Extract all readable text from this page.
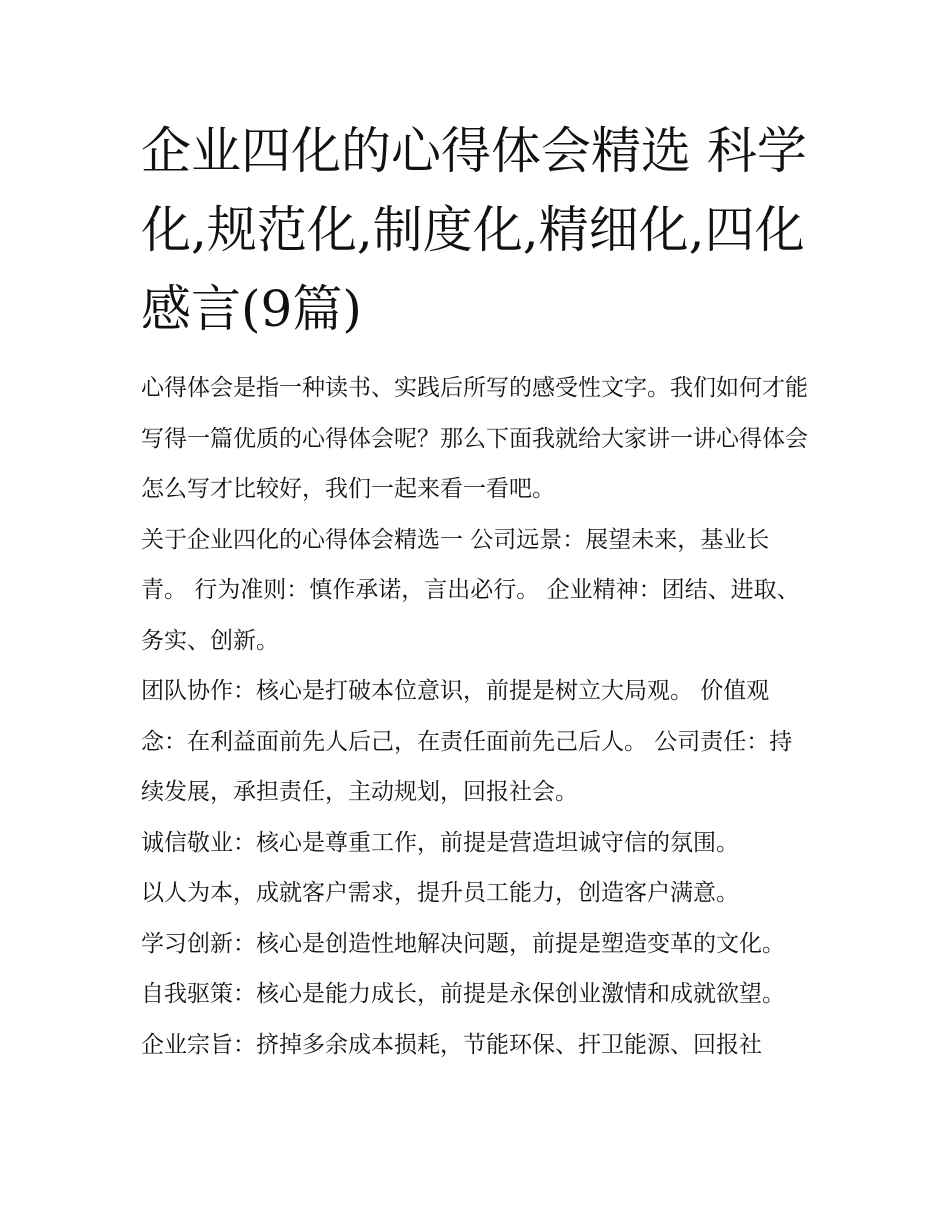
企业四化的心得体会精选 科学化,规范化,制度化,精细化,四化感言(9篇)

心得体会是指一种读书、实践后所写的感受性文字。我们如何才能写得一篇优质的心得体会呢？那么下面我就给大家讲一讲心得体会怎么写才比较好，我们一起来看一看吧。

关于企业四化的心得体会精选一 公司远景：展望未来，基业长青。 行为准则：慎作承诺，言出必行。 企业精神：团结、进取、务实、创新。

团队协作：核心是打破本位意识，前提是树立大局观。 价值观念：在利益面前先人后己，在责任面前先己后人。 公司责任：持续发展，承担责任，主动规划，回报社会。

诚信敬业：核心是尊重工作，前提是营造坦诚守信的氛围。

以人为本，成就客户需求，提升员工能力，创造客户满意。

学习创新：核心是创造性地解决问题，前提是塑造变革的文化。 自我驱策：核心是能力成长，前提是永保创业激情和成就欲望。

企业宗旨：挤掉多余成本损耗，节能环保、扞卫能源、回报社
